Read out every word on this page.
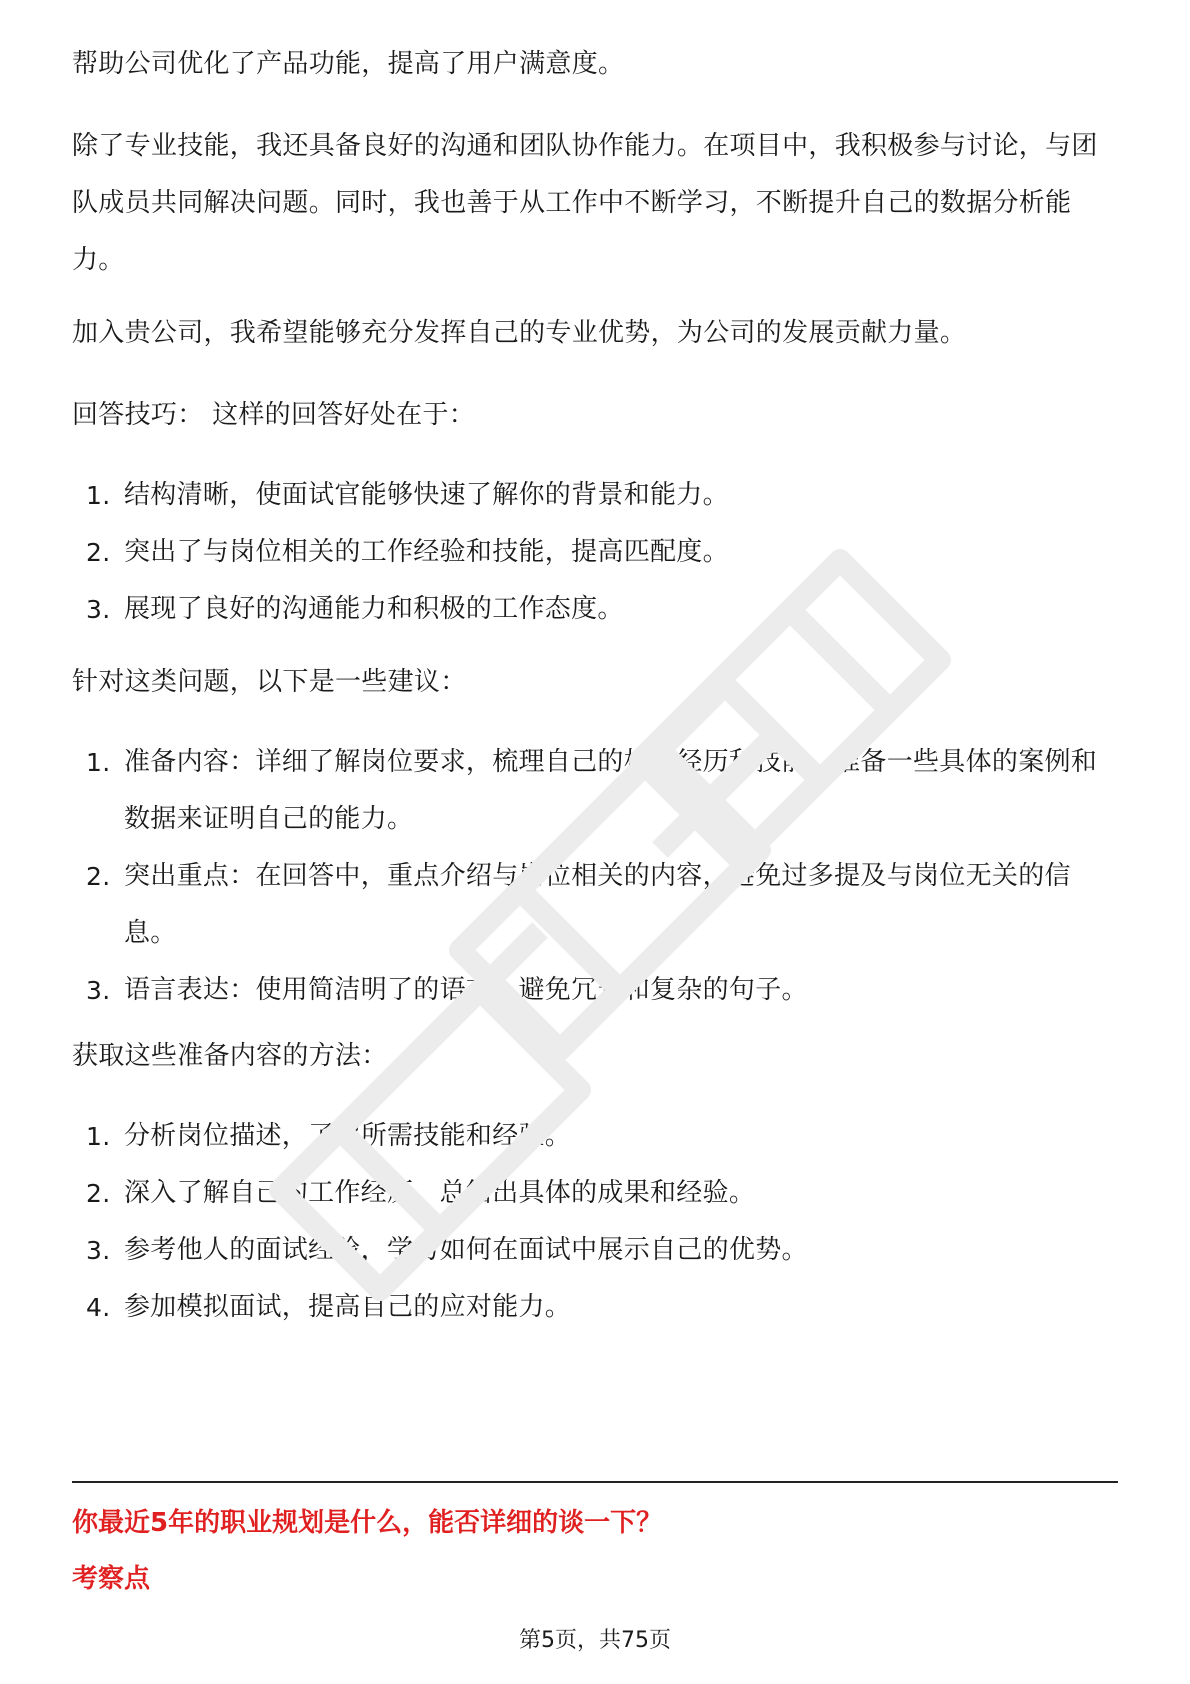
帮助公司优化了产品功能，提高了用户满意度。

除了专业技能，我还具备良好的沟通和团队协作能力。在项目中，我积极参与讨论，与团队成员共同解决问题。同时，我也善于从工作中不断学习，不断提升自己的数据分析能力。

加入贵公司，我希望能够充分发挥自己的专业优势，为公司的发展贡献力量。

回答技巧： 这样的回答好处在于：

1. 结构清晰，使面试官能够快速了解你的背景和能力。
2. 突出了与岗位相关的工作经验和技能，提高匹配度。
3. 展现了良好的沟通能力和积极的工作态度。

针对这类问题，以下是一些建议：

1. 准备内容：详细了解岗位要求，梳理自己的相关经历和技能，准备一些具体的案例和数据来证明自己的能力。
2. 突出重点：在回答中，重点介绍与岗位相关的内容，避免过多提及与岗位无关的信息。
3. 语言表达：使用简洁明了的语言，避免冗长和复杂的句子。

获取这些准备内容的方法：

1. 分析岗位描述，了解所需技能和经验。
2. 深入了解自己的工作经历，总结出具体的成果和经验。
3. 参考他人的面试经验，学习如何在面试中展示自己的优势。
4. 参加模拟面试，提高自己的应对能力。

你最近5年的职业规划是什么，能否详细的谈一下？

考察点

第5页，共75页
